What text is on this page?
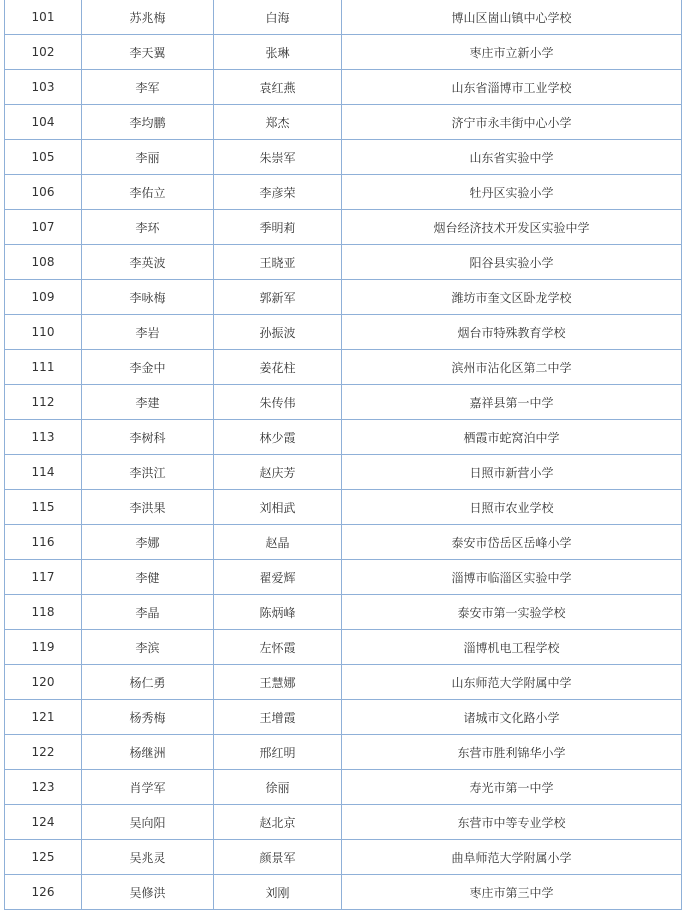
101	苏兆梅	白海	博山区崮山镇中心学校
102	李天翼	张琳	枣庄市立新小学
103	李军	袁红燕	山东省淄博市工业学校
104	李均鹏	郑杰	济宁市永丰街中心小学
105	李丽	朱崇军	山东省实验中学
106	李佑立	李彦荣	牡丹区实验小学
107	李环	季明莉	烟台经济技术开发区实验中学
108	李英波	王晓亚	阳谷县实验小学
109	李咏梅	郭新军	潍坊市奎文区卧龙学校
110	李岩	孙振波	烟台市特殊教育学校
111	李金中	姜花柱	滨州市沾化区第二中学
112	李建	朱传伟	嘉祥县第一中学
113	李树科	林少霞	栖霞市蛇窝泊中学
114	李洪江	赵庆芳	日照市新营小学
115	李洪果	刘相武	日照市农业学校
116	李娜	赵晶	泰安市岱岳区岳峰小学
117	李健	翟爱辉	淄博市临淄区实验中学
118	李晶	陈炳峰	泰安市第一实验学校
119	李滨	左怀霞	淄博机电工程学校
120	杨仁勇	王慧娜	山东师范大学附属中学
121	杨秀梅	王增霞	诸城市文化路小学
122	杨继洲	邢红明	东营市胜利锦华小学
123	肖学军	徐丽	寿光市第一中学
124	吴向阳	赵北京	东营市中等专业学校
125	吴兆灵	颜景军	曲阜师范大学附属小学
126	吴修洪	刘刚	枣庄市第三中学
